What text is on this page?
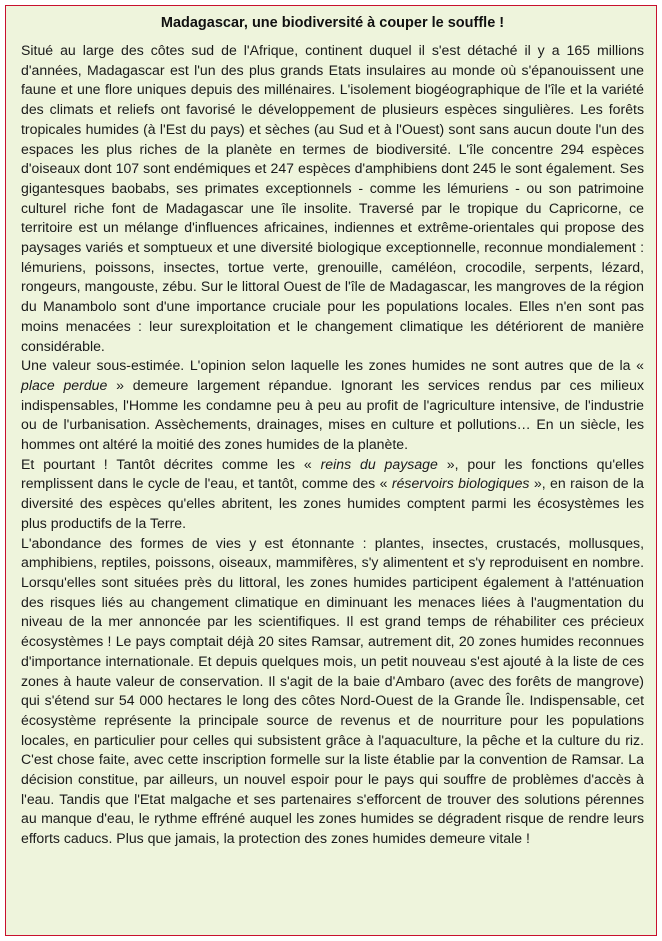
Madagascar, une biodiversité à couper le souffle !

Situé au large des côtes sud de l'Afrique, continent duquel il s'est détaché il y a 165 millions d'années, Madagascar est l'un des plus grands Etats insulaires au monde où s'épanouissent une faune et une flore uniques depuis des millénaires. L'isolement biogéographique de l'île et la variété des climats et reliefs ont favorisé le développement de plusieurs espèces singulières. Les forêts tropicales humides (à l'Est du pays) et sèches (au Sud et à l'Ouest) sont sans aucun doute l'un des espaces les plus riches de la planète en termes de biodiversité. L'île concentre 294 espèces d'oiseaux dont 107 sont endémiques et 247 espèces d'amphibiens dont 245 le sont également. Ses gigantesques baobabs, ses primates exceptionnels - comme les lémuriens - ou son patrimoine culturel riche font de Madagascar une île insolite. Traversé par le tropique du Capricorne, ce territoire est un mélange d'influences africaines, indiennes et extrême-orientales qui propose des paysages variés et somptueux et une diversité biologique exceptionnelle, reconnue mondialement : lémuriens, poissons, insectes, tortue verte, grenouille, caméléon, crocodile, serpents, lézard, rongeurs, mangouste, zébu. Sur le littoral Ouest de l'île de Madagascar, les mangroves de la région du Manambolo sont d'une importance cruciale pour les populations locales. Elles n'en sont pas moins menacées : leur surexploitation et le changement climatique les détériorent de manière considérable.

Une valeur sous-estimée. L'opinion selon laquelle les zones humides ne sont autres que de la « place perdue » demeure largement répandue. Ignorant les services rendus par ces milieux indispensables, l'Homme les condamne peu à peu au profit de l'agriculture intensive, de l'industrie ou de l'urbanisation. Assèchements, drainages, mises en culture et pollutions… En un siècle, les hommes ont altéré la moitié des zones humides de la planète.

Et pourtant ! Tantôt décrites comme les « reins du paysage », pour les fonctions qu'elles remplissent dans le cycle de l'eau, et tantôt, comme des « réservoirs biologiques », en raison de la diversité des espèces qu'elles abritent, les zones humides comptent parmi les écosystèmes les plus productifs de la Terre.

L'abondance des formes de vies y est étonnante : plantes, insectes, crustacés, mollusques, amphibiens, reptiles, poissons, oiseaux, mammifères, s'y alimentent et s'y reproduisent en nombre. Lorsqu'elles sont situées près du littoral, les zones humides participent également à l'atténuation des risques liés au changement climatique en diminuant les menaces liées à l'augmentation du niveau de la mer annoncée par les scientifiques. Il est grand temps de réhabiliter ces précieux écosystèmes ! Le pays comptait déjà 20 sites Ramsar, autrement dit, 20 zones humides reconnues d'importance internationale. Et depuis quelques mois, un petit nouveau s'est ajouté à la liste de ces zones à haute valeur de conservation. Il s'agit de la baie d'Ambaro (avec des forêts de mangrove) qui s'étend sur 54 000 hectares le long des côtes Nord-Ouest de la Grande Île. Indispensable, cet écosystème représente la principale source de revenus et de nourriture pour les populations locales, en particulier pour celles qui subsistent grâce à l'aquaculture, la pêche et la culture du riz. C'est chose faite, avec cette inscription formelle sur la liste établie par la convention de Ramsar. La décision constitue, par ailleurs, un nouvel espoir pour le pays qui souffre de problèmes d'accès à l'eau. Tandis que l'Etat malgache et ses partenaires s'efforcent de trouver des solutions pérennes au manque d'eau, le rythme effréné auquel les zones humides se dégradent risque de rendre leurs efforts caducs. Plus que jamais, la protection des zones humides demeure vitale !
